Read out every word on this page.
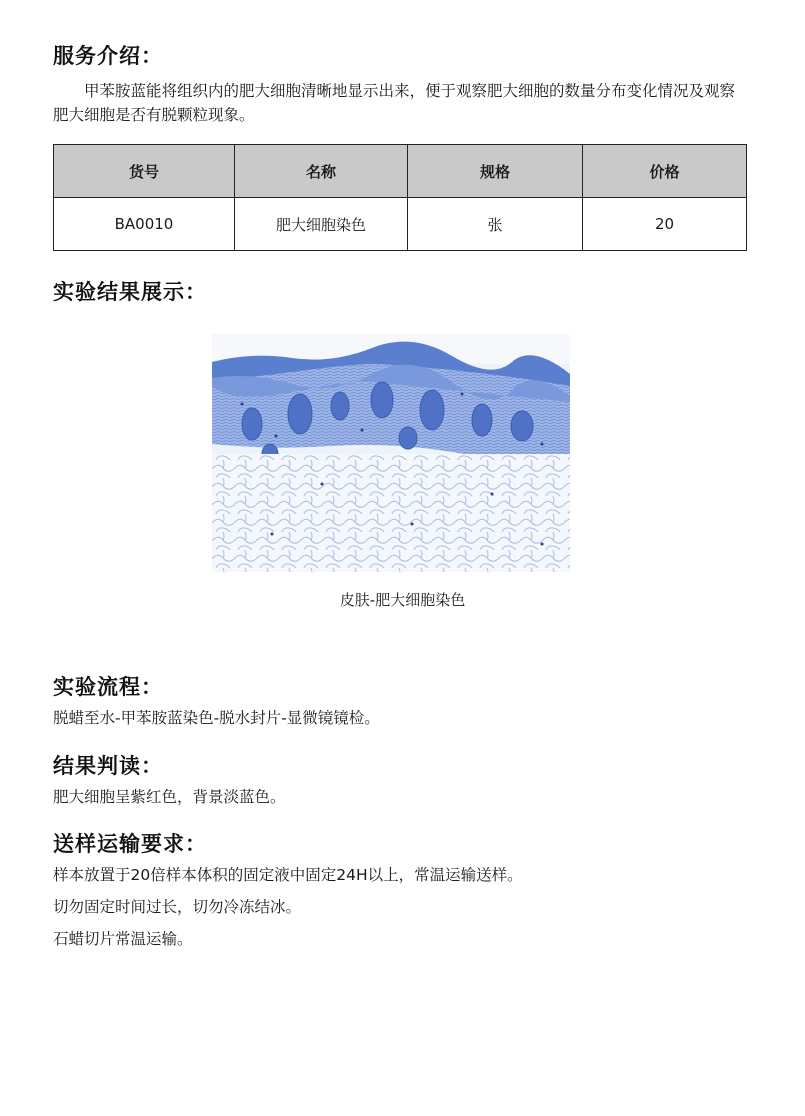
服务介绍：

甲苯胺蓝能将组织内的肥大细胞清晰地显示出来，便于观察肥大细胞的数量分布变化情况及观察肥大细胞是否有脱颗粒现象。

货号	名称	规格	价格
BA0010	肥大细胞染色	张	20
实验结果展示：
皮肤-肥大细胞染色
实验流程：

脱蜡至水-甲苯胺蓝染色-脱水封片-显微镜镜检。

结果判读：

肥大细胞呈紫红色，背景淡蓝色。

送样运输要求：

样本放置于20倍样本体积的固定液中固定24H以上，常温运输送样。

切勿固定时间过长，切勿冷冻结冰。

石蜡切片常温运输。
